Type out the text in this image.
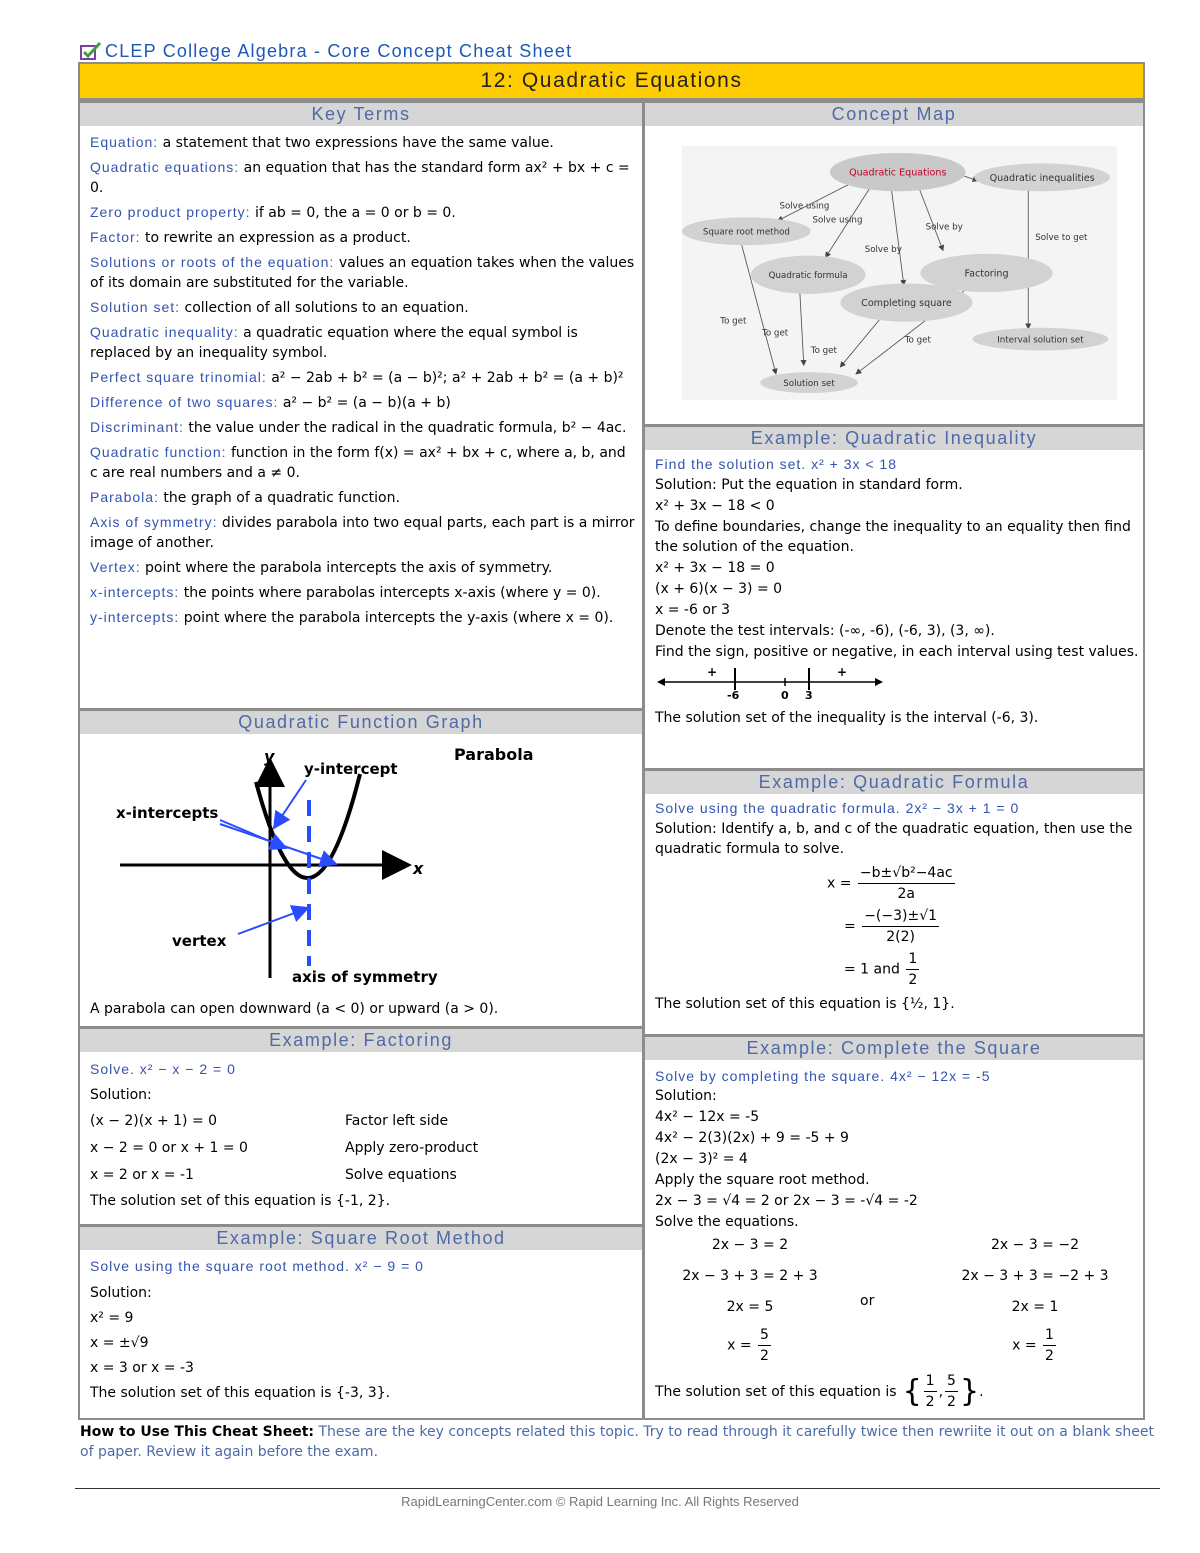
CLEP College Algebra - Core Concept Cheat Sheet
12: Quadratic Equations
Key Terms

Equation: a statement that two expressions have the same value.

Quadratic equations: an equation that has the standard form ax² + bx + c = 0.

Zero product property: if ab = 0, the a = 0 or b = 0.

Factor: to rewrite an expression as a product.

Solutions or roots of the equation: values an equation takes when the values of its domain are substituted for the variable.

Solution set: collection of all solutions to an equation.

Quadratic inequality: a quadratic equation where the equal symbol is replaced by an inequality symbol.

Perfect square trinomial: a² − 2ab + b² = (a − b)²; a² + 2ab + b² = (a + b)²

Difference of two squares: a² − b² = (a − b)(a + b)

Discriminant: the value under the radical in the quadratic formula, b² − 4ac.

Quadratic function: function in the form f(x) = ax² + bx + c, where a, b, and c are real numbers and a ≠ 0.

Parabola: the graph of a quadratic function.

Axis of symmetry: divides parabola into two equal parts, each part is a mirror image of another.

Vertex: point where the parabola intercepts the axis of symmetry.

x-intercepts: the points where parabolas intercepts x-axis (where y = 0).

y-intercepts: point where the parabola intercepts the y-axis (where x = 0).

Quadratic Function Graph
A parabola can open downward (a < 0) or upward (a > 0).
Example: Factoring

Solve. x² − x − 2 = 0

Solution:

(x − 2)(x + 1) = 0	Factor left side
x − 2 = 0 or x + 1 = 0	Apply zero-product
x = 2 or x = -1	Solve equations

The solution set of this equation is {-1, 2}.

Example: Square Root Method

Solve using the square root method. x² − 9 = 0

Solution:

x² = 9

x = ±√9

x = 3 or x = -3

The solution set of this equation is {-3, 3}.

Concept Map
Example: Quadratic Inequality

Find the solution set. x² + 3x < 18

Solution: Put the equation in standard form.

x² + 3x − 18 < 0

To define boundaries, change the inequality to an equality then find the solution of the equation.

x² + 3x − 18 = 0

(x + 6)(x − 3) = 0

x = -6 or 3

Denote the test intervals: (-∞, -6), (-6, 3), (3, ∞).

Find the sign, positive or negative, in each interval using test values.

+	+
-6	0 3

The solution set of the inequality is the interval (-6, 3).

Example: Quadratic Formula

Solve using the quadratic formula. 2x² − 3x + 1 = 0

Solution: Identify a, b, and c of the quadratic equation, then use the quadratic formula to solve.

$x = \frac{\text{−b±√b²−4ac}}{2a}$
= $\frac{-(-3)\pm√1}{2(2)}$
= 1 and $\frac{1}{2}$

The solution set of this equation is {½, 1}.

Example: Complete the Square

Solve by completing the square. 4x² − 12x = -5

Solution:

4x² − 12x = -5

4x² − 2(3)(2x) + 9 = -5 + 9

(2x − 3)² = 4

Apply the square root method.

2x − 3 = √4 = 2 or 2x − 3 = -√4 = -2

Solve the equations.

2x − 3 = 2
2x − 3 + 3 = 2 + 3
2x = 5
$x = \frac{5}{2}$
or
2x − 3 = −2
2x − 3 + 3 = −2 + 3
2x = 1
$x = \frac{1}{2}$
The solution set of this equation is { $\frac{1}{2}$ , $\frac{5}{2}$ } .
Quadratic Equations	Quadratic inequalities
Square root method
Quadratic formula	Factoring
Completing square
Interval solution set
Solution set
Solve using
Solve using
Solve by
Solve by
Solve to get
To get
To get
To get
To get
y
x
y-intercept
x-intercepts
vertex
axis of symmetry
Parabola
How to Use This Cheat Sheet: These are the key concepts related this topic. Try to read through it carefully twice then rewriite it out on a blank sheet of paper. Review it again before the exam.
RapidLearningCenter.com © Rapid Learning Inc. All Rights Reserved
